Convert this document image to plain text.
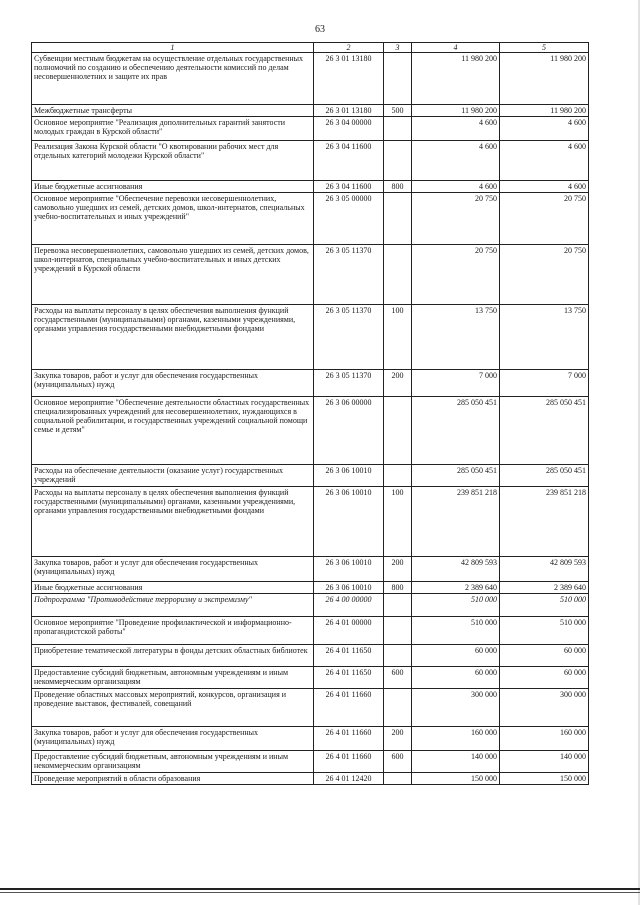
63
1	2	3	4	5
Субвенции местным бюджетам на осуществление отдельных государственных полномочий по созданию и обеспечению деятельности комиссий по делам несовершеннолетних и защите их прав	26 3 01 13180		11 980 200	11 980 200
Межбюджетные трансферты	26 3 01 13180	500	11 980 200	11 980 200
Основное мероприятие "Реализация дополнительных гарантий занятости молодых граждан в Курской области"	26 3 04 00000		4 600	4 600
Реализация Закона Курской области "О квотировании рабочих мест для отдельных категорий молодежи Курской области"	26 3 04 11600		4 600	4 600
Иные бюджетные ассигнования	26 3 04 11600	800	4 600	4 600
Основное мероприятие "Обеспечение перевозки несовершеннолетних, самовольно ушедших из семей, детских домов, школ-интернатов, специальных учебно-воспитательных и иных учреждений"	26 3 05 00000		20 750	20 750
Перевозка несовершеннолетних, самовольно ушедших из семей, детских домов, школ-интернатов, специальных учебно-воспитательных и иных детских учреждений в Курской области	26 3 05 11370		20 750	20 750
Расходы на выплаты персоналу в целях обеспечения выполнения функций государственными (муниципальными) органами, казенными учреждениями, органами управления государственными внебюджетными фондами	26 3 05 11370	100	13 750	13 750
Закупка товаров, работ и услуг для обеспечения государственных (муниципальных) нужд	26 3 05 11370	200	7 000	7 000
Основное мероприятие "Обеспечение деятельности областных государственных специализированных учреждений для несовершеннолетних, нуждающихся в социальной реабилитации, и государственных учреждений социальной помощи семье и детям"	26 3 06 00000		285 050 451	285 050 451
Расходы на обеспечение деятельности (оказание услуг) государственных учреждений	26 3 06 10010		285 050 451	285 050 451
Расходы на выплаты персоналу в целях обеспечения выполнения функций государственными (муниципальными) органами, казенными учреждениями, органами управления государственными внебюджетными фондами	26 3 06 10010	100	239 851 218	239 851 218
Закупка товаров, работ и услуг для обеспечения государственных (муниципальных) нужд	26 3 06 10010	200	42 809 593	42 809 593
Иные бюджетные ассигнования	26 3 06 10010	800	2 389 640	2 389 640
Подпрограмма "Противодействие терроризму и экстремизму"	26 4 00 00000		510 000	510 000
Основное мероприятие "Проведение профилактической и информационно-пропагандистской работы"	26 4 01 00000		510 000	510 000
Приобретение тематической литературы в фонды детских областных библиотек	26 4 01 11650		60 000	60 000
Предоставление субсидий бюджетным, автономным учреждениям и иным некоммерческим организациям	26 4 01 11650	600	60 000	60 000
Проведение областных массовых мероприятий, конкурсов, организация и проведение выставок, фестивалей, совещаний	26 4 01 11660		300 000	300 000
Закупка товаров, работ и услуг для обеспечения государственных (муниципальных) нужд	26 4 01 11660	200	160 000	160 000
Предоставление субсидий бюджетным, автономным учреждениям и иным некоммерческим организациям	26 4 01 11660	600	140 000	140 000
Проведение мероприятий в области образования	26 4 01 12420		150 000	150 000
